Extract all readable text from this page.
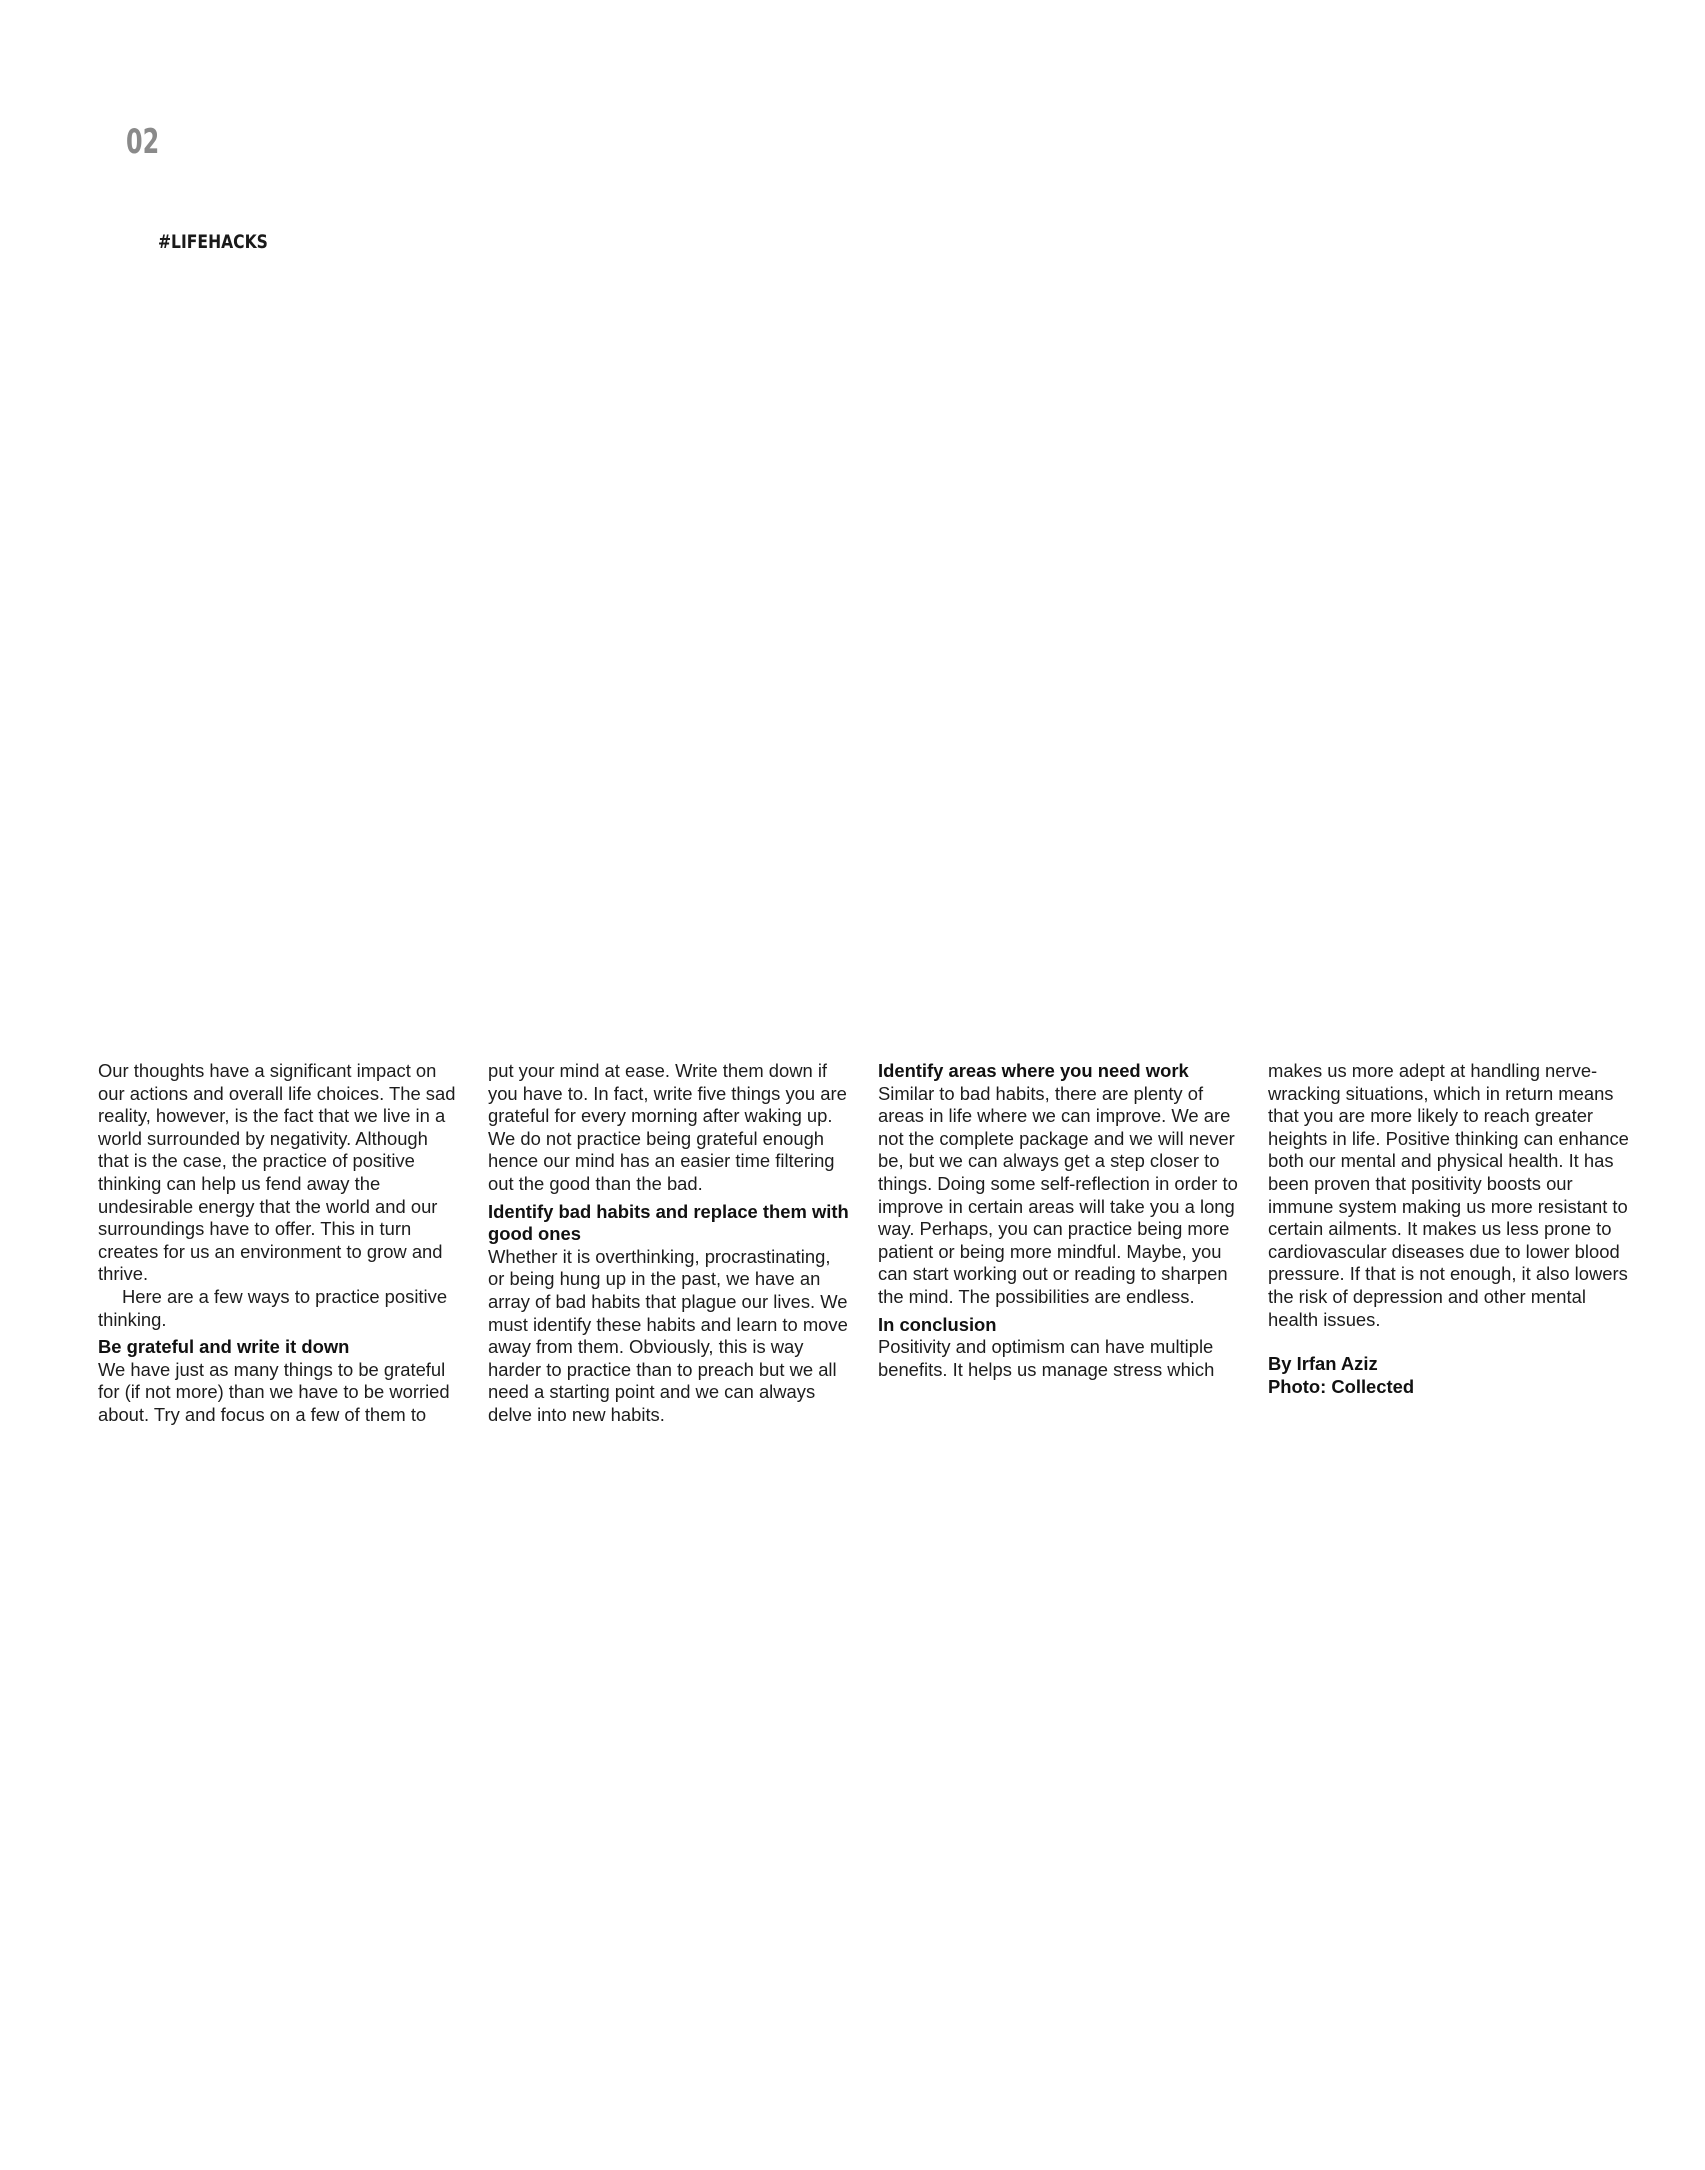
02
#LIFEHACKS

Our thoughts have a significant impact on our actions and overall life choices. The sad reality, however, is the fact that we live in a world surrounded by negativity. Although that is the case, the practice of positive thinking can help us fend away the undesirable energy that the world and our surroundings have to offer. This in turn creates for us an environment to grow and thrive.

Here are a few ways to practice positive thinking.

Be grateful and write it down

We have just as many things to be grateful for (if not more) than we have to be worried about. Try and focus on a few of them to

put your mind at ease. Write them down if you have to. In fact, write five things you are grateful for every morning after waking up. We do not practice being grateful enough hence our mind has an easier time filtering out the good than the bad.

Identify bad habits and replace them with good ones

Whether it is overthinking, procrastinating, or being hung up in the past, we have an array of bad habits that plague our lives. We must identify these habits and learn to move away from them. Obviously, this is way harder to practice than to preach but we all need a starting point and we can always delve into new habits.

Identify areas where you need work

Similar to bad habits, there are plenty of areas in life where we can improve. We are not the complete package and we will never be, but we can always get a step closer to things. Doing some self-reflection in order to improve in certain areas will take you a long way. Perhaps, you can practice being more patient or being more mindful. Maybe, you can start working out or reading to sharpen the mind. The possibilities are endless.

In conclusion

Positivity and optimism can have multiple benefits. It helps us manage stress which

makes us more adept at handling nerve-wracking situations, which in return means that you are more likely to reach greater heights in life. Positive thinking can enhance both our mental and physical health. It has been proven that positivity boosts our immune system making us more resistant to certain ailments. It makes us less prone to cardiovascular diseases due to lower blood pressure. If that is not enough, it also lowers the risk of depression and other mental health issues.

By Irfan Aziz

Photo: Collected
